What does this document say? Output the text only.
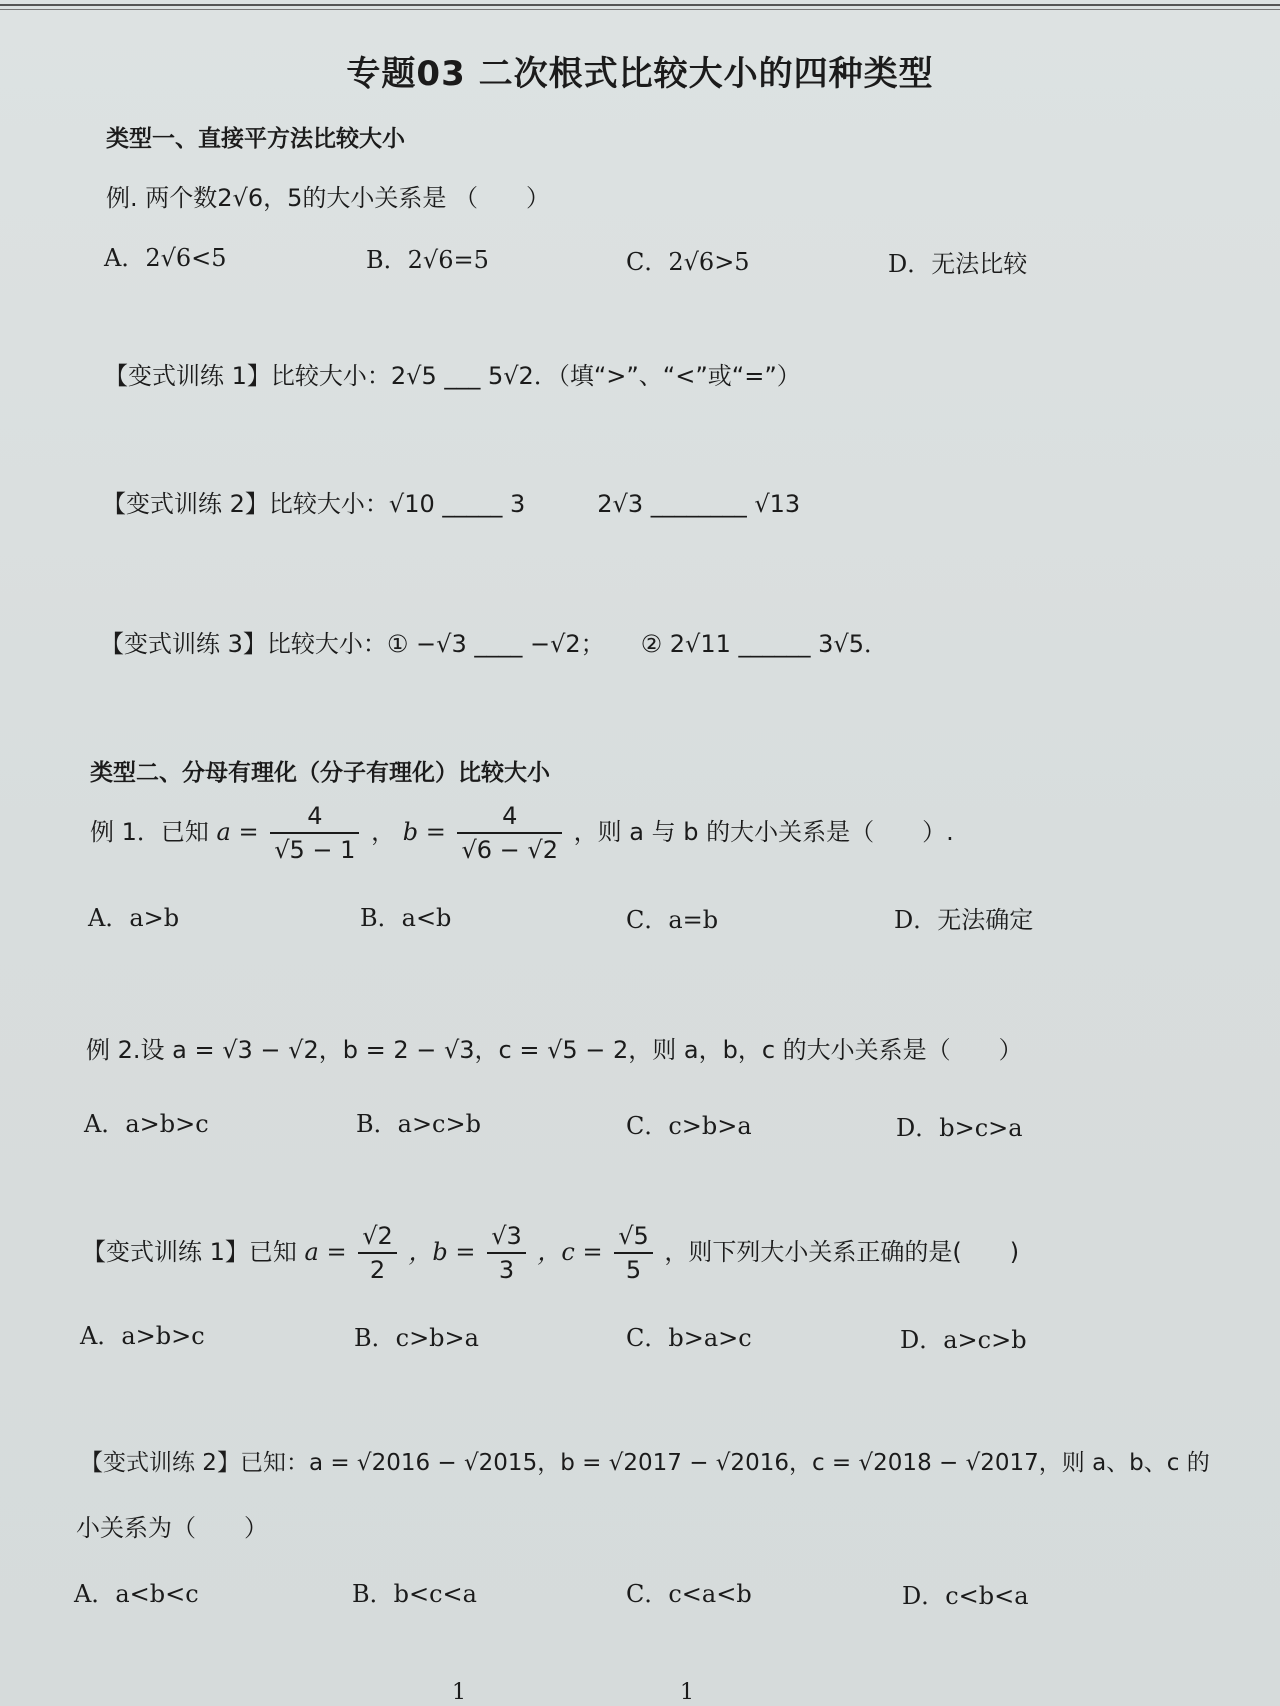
专题03 二次根式比较大小的四种类型
类型一、直接平方法比较大小
例. 两个数2√6，5的大小关系是 （　　）
A．2√6<5	B．2√6=5	C．2√6>5	D．无法比较
【变式训练 1】比较大小：2√5 ___ 5√2．（填“>”、“<”或“=”）
【变式训练 2】比较大小：√10 _____ 3　　　2√3 ________ √13
【变式训练 3】比较大小：① −√3 ____ −√2；　　② 2√11 ______ 3√5．
类型二、分母有理化（分子有理化）比较大小
例 1．已知 $a = \frac{4}{√5 - 1}$ ， $b = \frac{4}{√6 - √2}$ ，则 a 与 b 的大小关系是（　　）.
A．a>b	B．a<b	C．a=b	D．无法确定
例 2.设 a = √3 − √2，b = 2 − √3，c = √5 − 2，则 a，b，c 的大小关系是（　　）
A．a>b>c	B．a>c>b	C．c>b>a	D．b>c>a
【变式训练 1】已知 $a = \frac{√2}{2}$ ，$b = \frac{√3}{3}$ ，$c = \frac{√5}{5}$ ，则下列大小关系正确的是(　　)
A．a>b>c	B．c>b>a	C．b>a>c	D．a>c>b
【变式训练 2】已知：a = √2016 − √2015，b = √2017 − √2016，c = √2018 − √2017，则 a、b、c 的
小关系为（　　）
A．a<b<c	B．b<c<a	C．c<a<b	D．c<b<a
1	1
